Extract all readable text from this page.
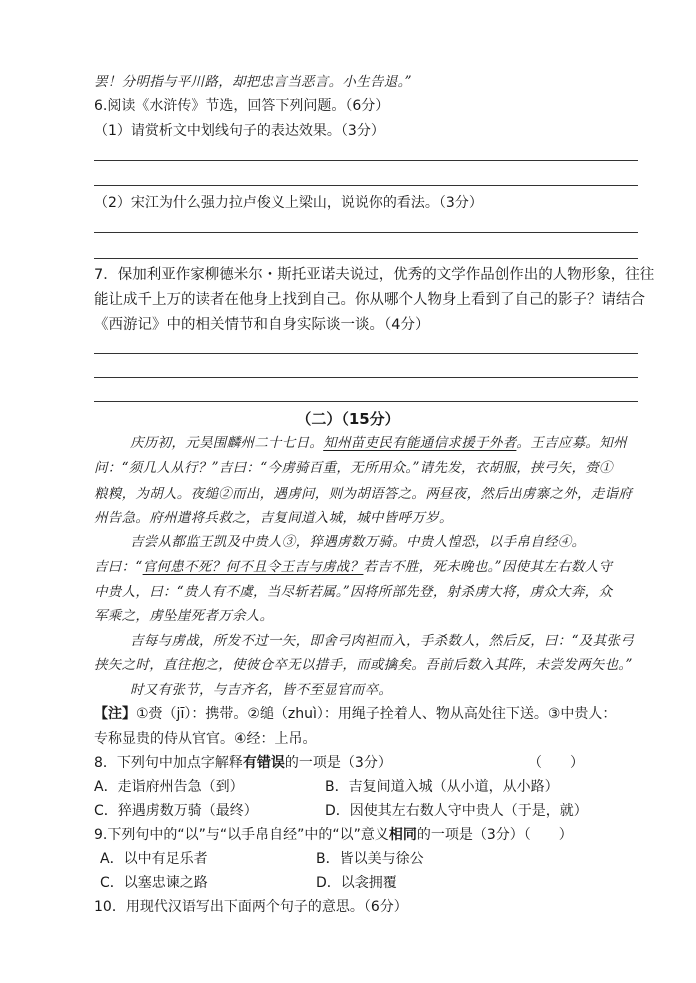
罢！分明指与平川路，却把忠言当恶言。小生告退。”
6.阅读《水浒传》节选，回答下列问题。（6分）
（1）请赏析文中划线句子的表达效果。（3分）
（2）宋江为什么强力拉卢俊义上梁山，说说你的看法。（3分）
7．保加利亚作家柳德米尔・斯托亚诺夫说过，优秀的文学作品创作出的人物形象，往往
能让成千上万的读者在他身上找到自己。你从哪个人物身上看到了自己的影子？请结合
《西游记》中的相关情节和自身实际谈一谈。（4分）
（二）（15分）
庆历初，元昊围麟州二十七日。知州苗吏民有能通信求援于外者。王吉应募。知州
问：“须几人从行？”吉曰：“今虏骑百重，无所用众。”请先发，衣胡服，挟弓矢，赍①
粮糗，为胡人。夜缒②而出，遇虏问，则为胡语答之。两昼夜，然后出虏寨之外，走诣府
州告急。府州遣将兵救之，吉复间道入城，城中皆呼万岁。
吉尝从都监王凯及中贵人③，猝遇虏数万骑。中贵人惶恐，以手帛自经④。
吉曰：“官何患不死？何不且令王吉与虏战？若吉不胜，死未晚也。”因使其左右数人守
中贵人，曰：“贵人有不虞，当尽斩若属。”因将所部先登，射杀虏大将，虏众大奔，众
军乘之，虏坠崖死者万余人。
吉每与虏战，所发不过一矢，即舍弓肉袒而入，手杀数人，然后反，曰：“及其张弓
挟矢之时，直往抱之，使彼仓卒无以措手，而或擒矣。吾前后数入其阵，未尝发两矢也。”
时又有张节，与吉齐名，皆不至显官而卒。
【注】①赍（jī）：携带。②缒（zhuì）：用绳子拴着人、物从高处往下送。③中贵人：
专称显贵的侍从官官。④经：上吊。
8．下列句中加点字解释有错误的一项是（3分）	（　　）
A．走诣府州告急（到）	B．吉复间道入城（从小道，从小路）
C．猝遇虏数万骑（最终）	D．因使其左右数人守中贵人（于是，就）
9.下列句中的“以”与“以手帛自经”中的“以”意义相同的一项是（3分）（　　）
A．以中有足乐者	B．皆以美与徐公
C．以塞忠谏之路	D．以衾拥覆
10．用现代汉语写出下面两个句子的意思。（6分）
